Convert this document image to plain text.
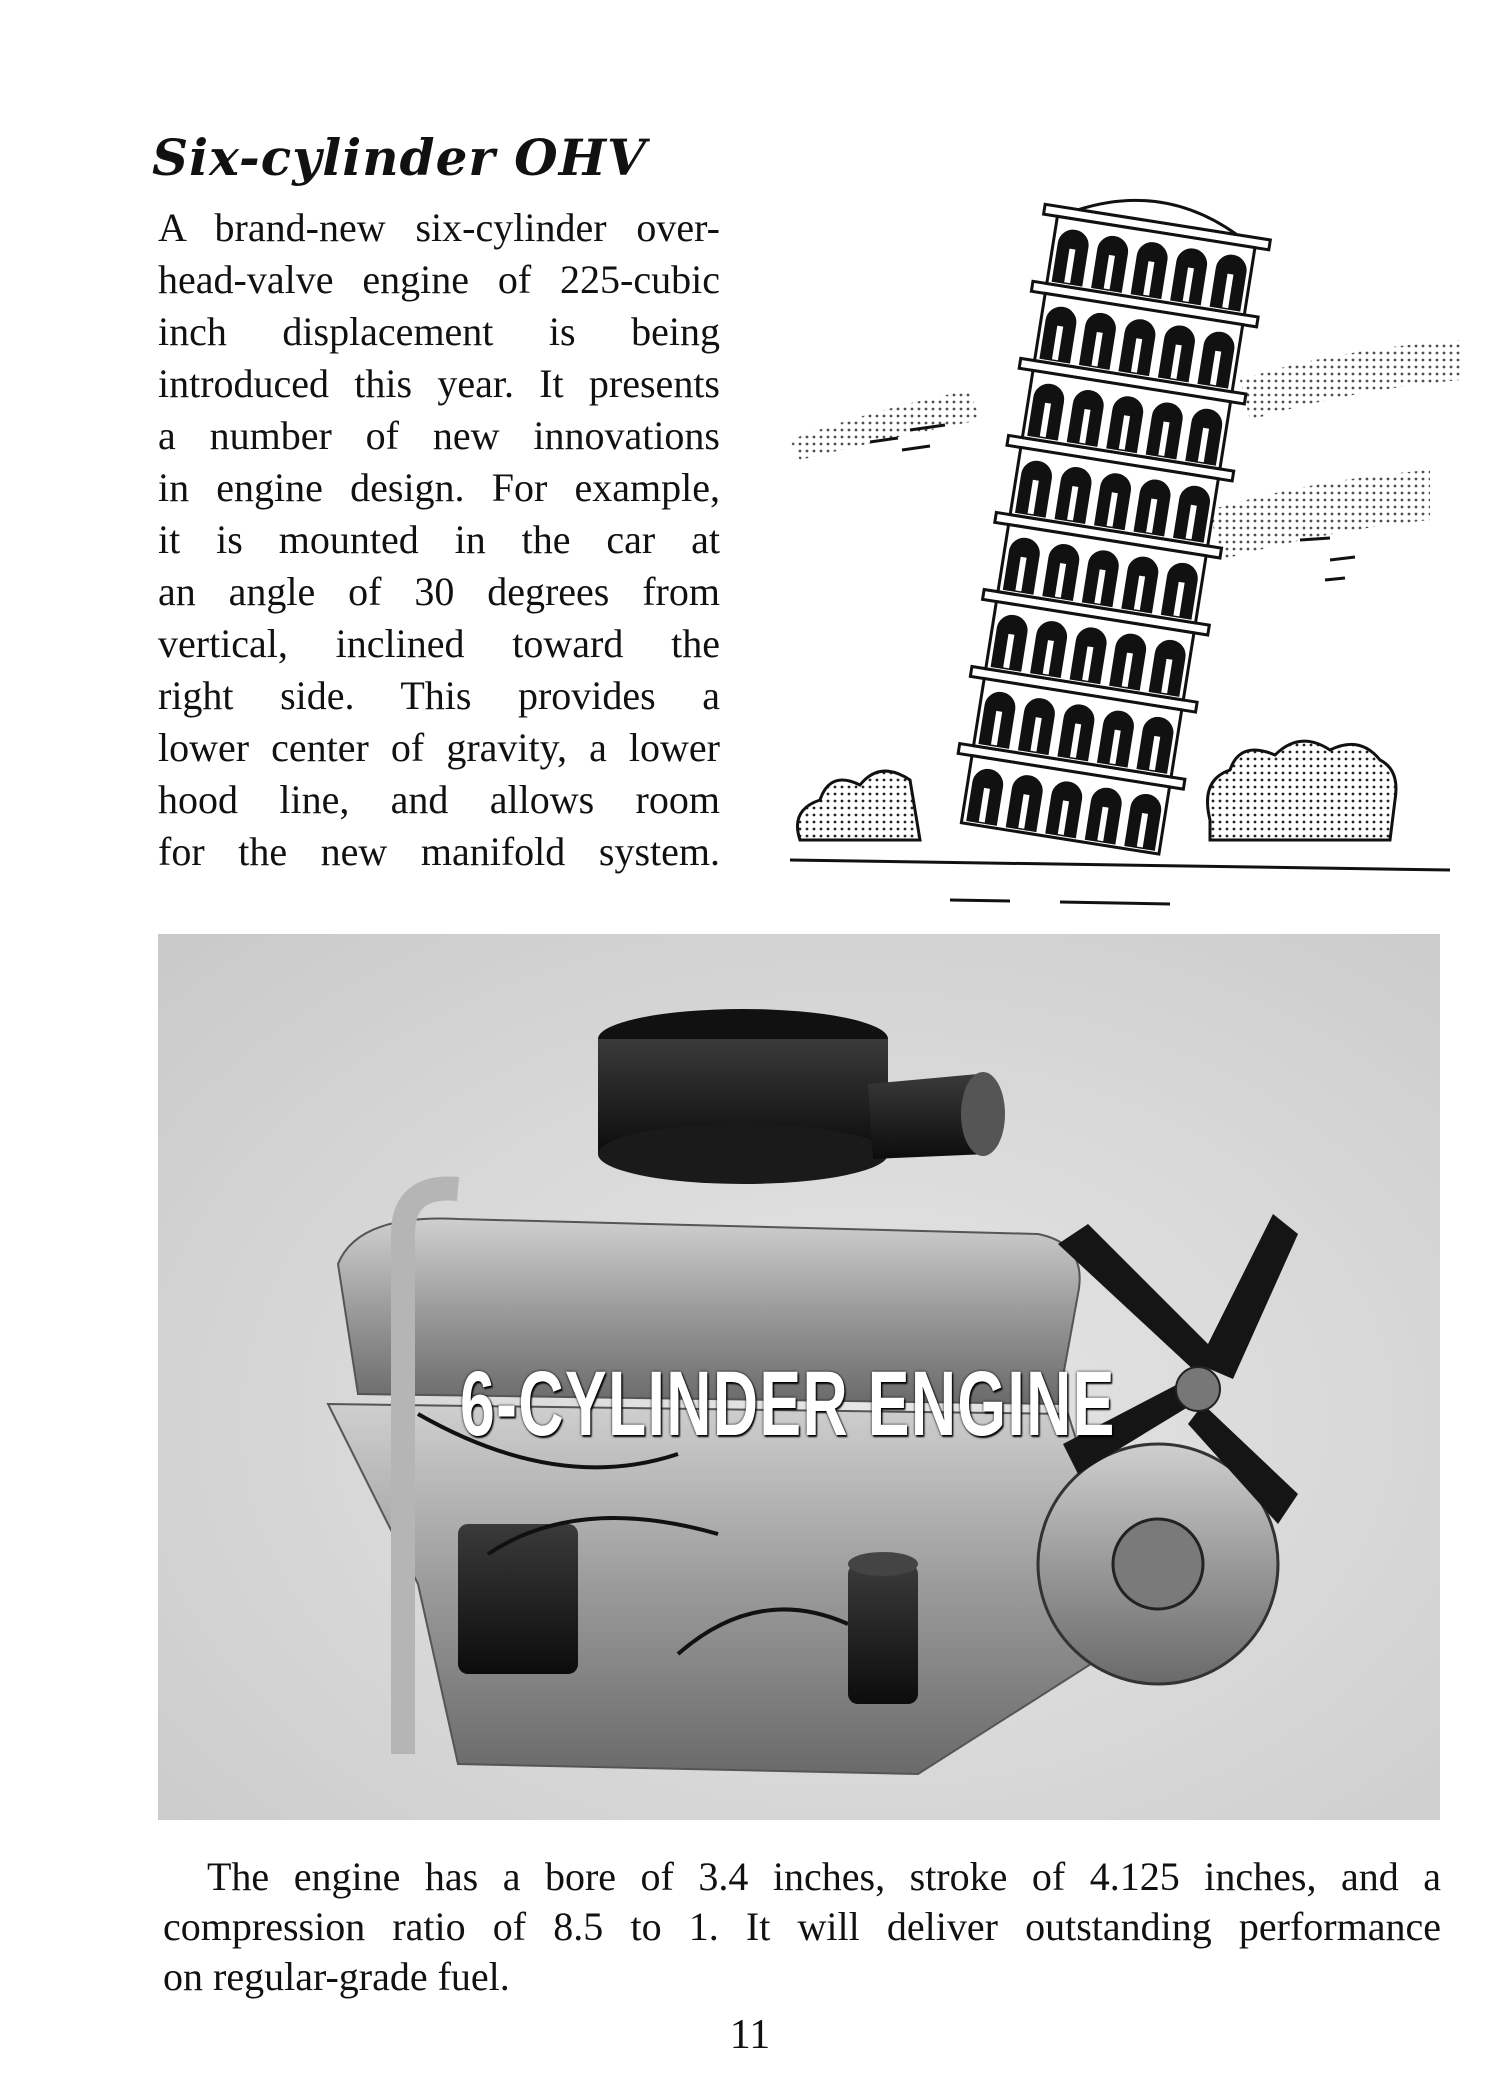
Six-cylinder OHV
A brand-new six-cylinder over-
head-valve engine of 225-cubic
inch displacement is being
introduced this year. It presents
a number of new innovations
in engine design. For example,
it is mounted in the car at
an angle of 30 degrees from
vertical, inclined toward the
right side. This provides a
lower center of gravity, a lower
hood line, and allows room
for the new manifold system.
6-CYLINDER ENGINE
The engine has a bore of 3.4 inches, stroke of 4.125 inches, and a
compression ratio of 8.5 to 1. It will deliver outstanding performance
on regular-grade fuel.
11
